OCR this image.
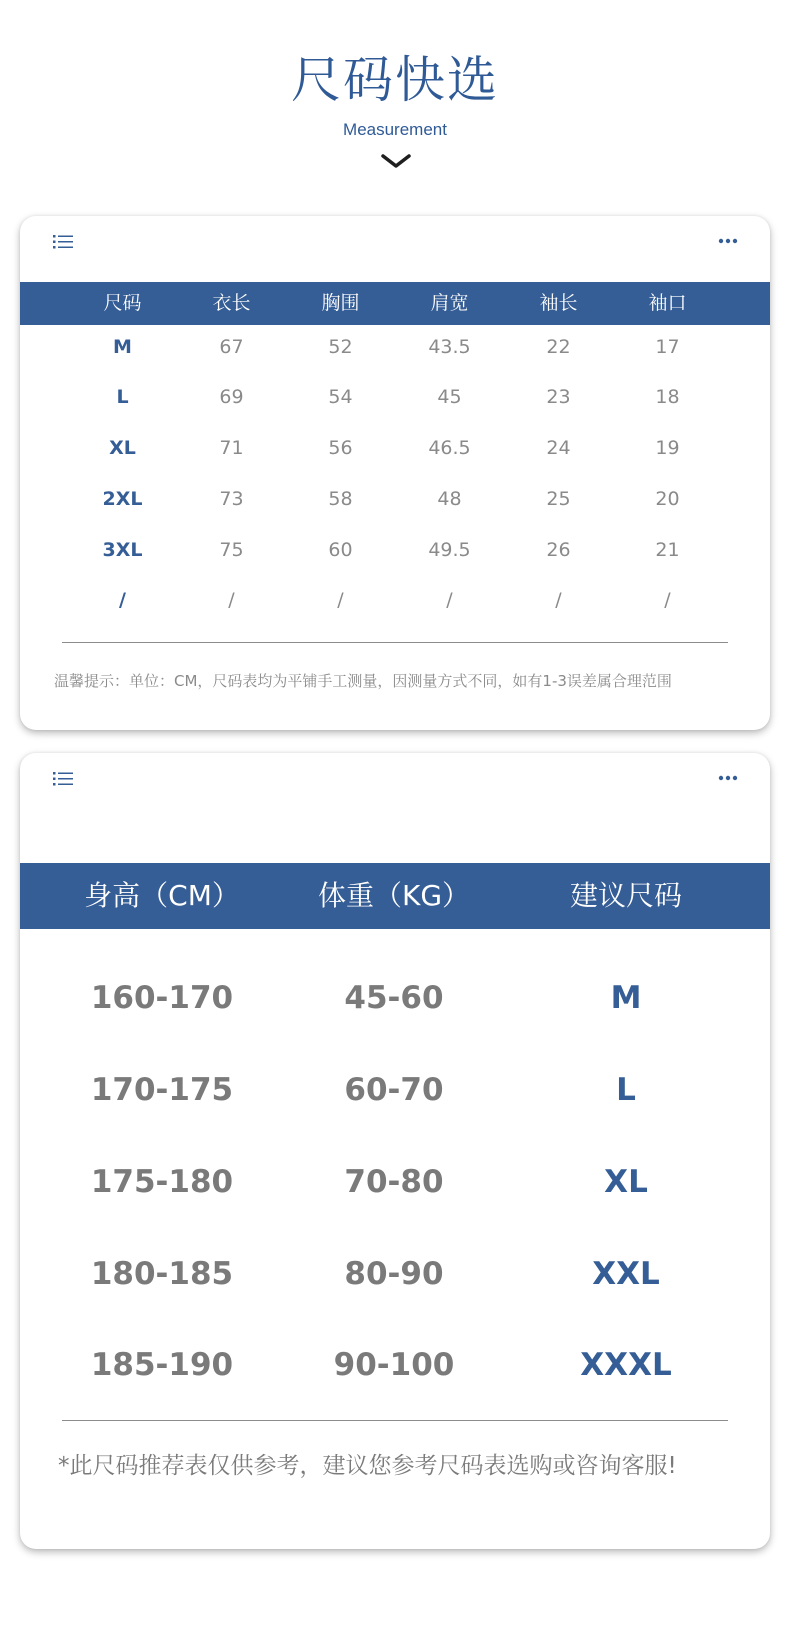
尺码快选
Measurement
尺码	衣长	胸围	肩宽	袖长	袖口
M	67	52	43.5	22	17
L	69	54	45	23	18
XL	71	56	46.5	24	19
2XL	73	58	48	25	20
3XL	75	60	49.5	26	21
/	/	/	/	/	/
温馨提示：单位：CM，尺码表均为平铺手工测量，因测量方式不同，如有1-3误差属合理范围
身高（CM）	体重（KG）	建议尺码
160-170	45-60	M
170-175	60-70	L
175-180	70-80	XL
180-185	80-90	XXL
185-190	90-100	XXXL
*此尺码推荐表仅供参考，建议您参考尺码表选购或咨询客服!
